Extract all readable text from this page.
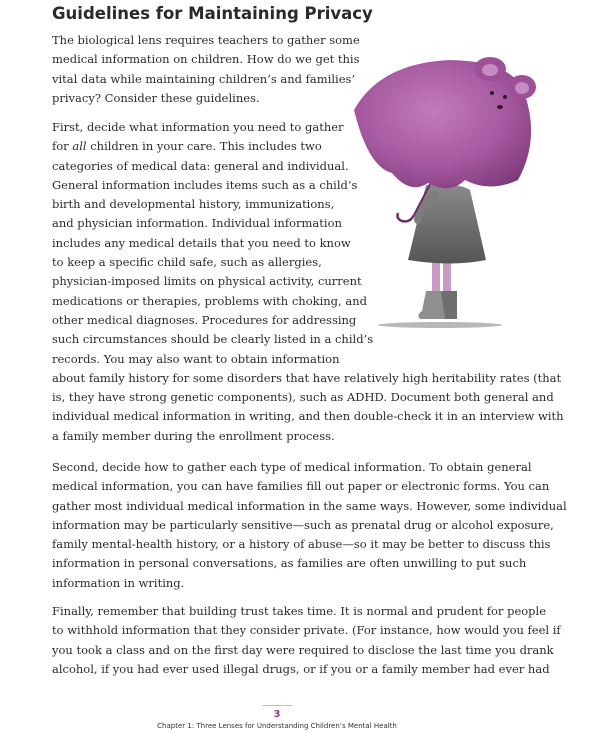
Guidelines for Maintaining Privacy
The biological lens requires teachers to gather some
medical information on children. How do we get this
vital data while maintaining children’s and families’
privacy? Consider these guidelines.
First, decide what information you need to gather
for all children in your care. This includes two
categories of medical data: general and individual.
General information includes items such as a child’s
birth and developmental history, immunizations,
and physician information. Individual information
includes any medical details that you need to know
to keep a specific child safe, such as allergies,
physician-imposed limits on physical activity, current
medications or therapies, problems with choking, and
other medical diagnoses. Procedures for addressing
such circumstances should be clearly listed in a child’s
records. You may also want to obtain information
about family history for some disorders that have relatively high heritability rates (that
is, they have strong genetic components), such as ADHD. Document both general and
individual medical information in writing, and then double-check it in an interview with
a family member during the enrollment process.
Second, decide how to gather each type of medical information. To obtain general
medical information, you can have families fill out paper or electronic forms. You can
gather most individual medical information in the same ways. However, some individual
information may be particularly sensitive—such as prenatal drug or alcohol exposure,
family mental-health history, or a history of abuse—so it may be better to discuss this
information in personal conversations, as families are often unwilling to put such
information in writing.
Finally, remember that building trust takes time. It is normal and prudent for people
to withhold information that they consider private. (For instance, how would you feel if
you took a class and on the first day were required to disclose the last time you drank
alcohol, if you had ever used illegal drugs, or if you or a family member had ever had
3
Chapter 1: Three Lenses for Understanding Children’s Mental Health
